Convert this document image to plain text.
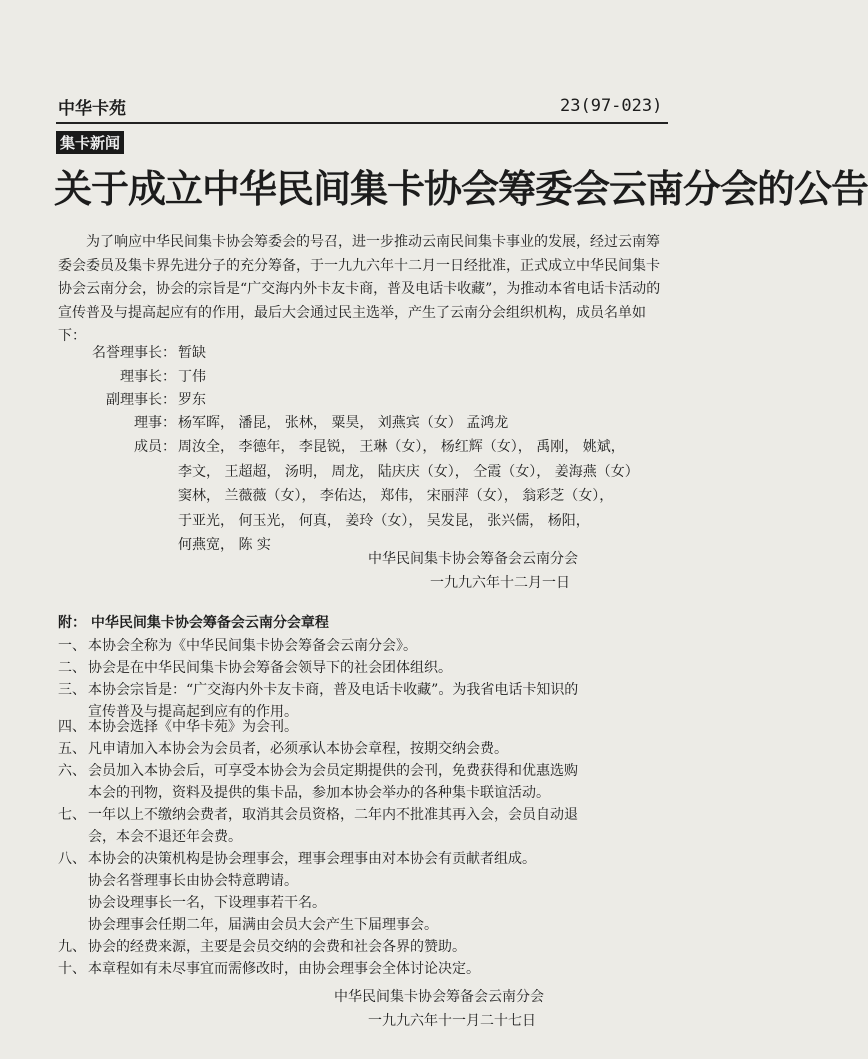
中华卡苑	23(97-023)
集卡新闻
关于成立中华民间集卡协会筹委会云南分会的公告
为了响应中华民间集卡协会筹委会的号召，进一步推动云南民间集卡事业的发展，经过云南筹委会委员及集卡界先进分子的充分筹备，于一九九六年十二月一日经批准，正式成立中华民间集卡协会云南分会，协会的宗旨是“广交海内外卡友卡商，普及电话卡收藏”，为推动本省电话卡活动的宣传普及与提高起应有的作用，最后大会通过民主选举，产生了云南分会组织机构，成员名单如下：
名誉理事长： 暂缺
理事长： 丁伟
副理事长： 罗东
理事： 杨军晖， 潘昆， 张林， 粟昊， 刘燕宾（女） 孟鸿龙
成员： 周汝全， 李德年， 李昆锐， 王琳（女）， 杨红辉（女）， 禹刚， 姚斌，
李文， 王超超， 汤明， 周龙， 陆庆庆（女）， 仝霞（女）， 姜海燕（女）
窦林， 兰薇薇（女）， 李佑达， 郑伟， 宋丽萍（女）， 翁彩芝（女），
于亚光， 何玉光， 何真， 姜玲（女）， 吴发昆， 张兴儒， 杨阳，
何燕宽， 陈 实
中华民间集卡协会筹备会云南分会
一九九六年十二月一日
附： 中华民间集卡协会筹备会云南分会章程
一、 本协会全称为《中华民间集卡协会筹备会云南分会》。
二、 协会是在中华民间集卡协会筹备会领导下的社会团体组织。
三、 本协会宗旨是：“广交海内外卡友卡商，普及电话卡收藏”。为我省电话卡知识的
宣传普及与提高起到应有的作用。
四、 本协会选择《中华卡苑》为会刊。
五、 凡申请加入本协会为会员者，必须承认本协会章程，按期交纳会费。
六、 会员加入本协会后，可享受本协会为会员定期提供的会刊，免费获得和优惠选购
本会的刊物，资料及提供的集卡品，参加本协会举办的各种集卡联谊活动。
七、 一年以上不缴纳会费者，取消其会员资格，二年内不批准其再入会，会员自动退
会，本会不退还年会费。
八、 本协会的决策机构是协会理事会，理事会理事由对本协会有贡献者组成。
协会名誉理事长由协会特意聘请。
协会设理事长一名，下设理事若干名。
协会理事会任期二年，届满由会员大会产生下届理事会。
九、 协会的经费来源，主要是会员交纳的会费和社会各界的赞助。
十、 本章程如有未尽事宜而需修改时，由协会理事会全体讨论决定。
中华民间集卡协会筹备会云南分会
一九九六年十一月二十七日
